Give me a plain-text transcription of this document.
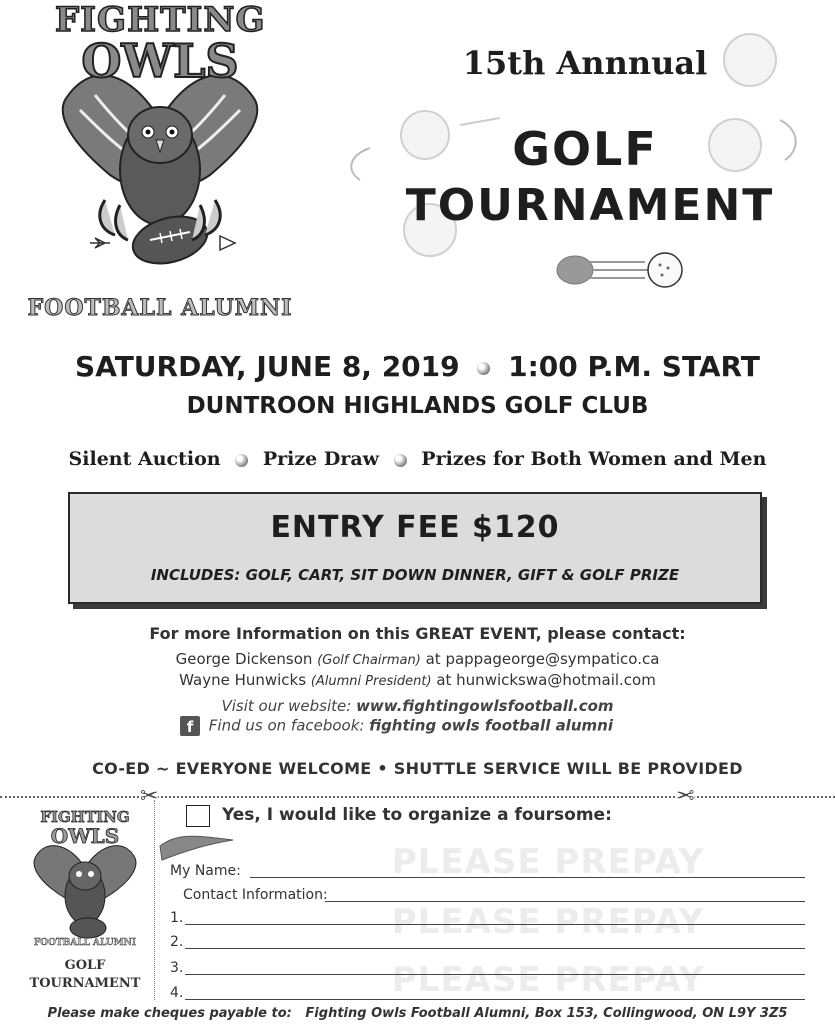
FIGHTING
OWLS
FOOTBALL ALUMNI
15th Annnual
GOLF
TOURNAMENT
SATURDAY, JUNE 8, 2019 1:00 P.M. START
DUNTROON HIGHLANDS GOLF CLUB
Silent Auction Prize Draw Prizes for Both Women and Men
ENTRY FEE $120
INCLUDES: GOLF, CART, SIT DOWN DINNER, GIFT & GOLF PRIZE
For more Information on this GREAT EVENT, please contact:
George Dickenson (Golf Chairman) at pappageorge@sympatico.ca
Wayne Hunwicks (Alumni President) at hunwickswa@hotmail.com
Visit our website: www.fightingowlsfootball.com
f Find us on facebook: fighting owls football alumni
CO-ED ~ EVERYONE WELCOME • SHUTTLE SERVICE WILL BE PROVIDED
✂	✂
FIGHTING
OWLS
FOOTBALL ALUMNI
GOLF
TOURNAMENT
Yes, I would like to organize a foursome:
PLEASE PREPAY
PLEASE PREPAY
PLEASE PREPAY
My Name:
Contact Information:
1.
2.
3.
4.
Please make cheques payable to: Fighting Owls Football Alumni, Box 153, Collingwood, ON L9Y 3Z5
